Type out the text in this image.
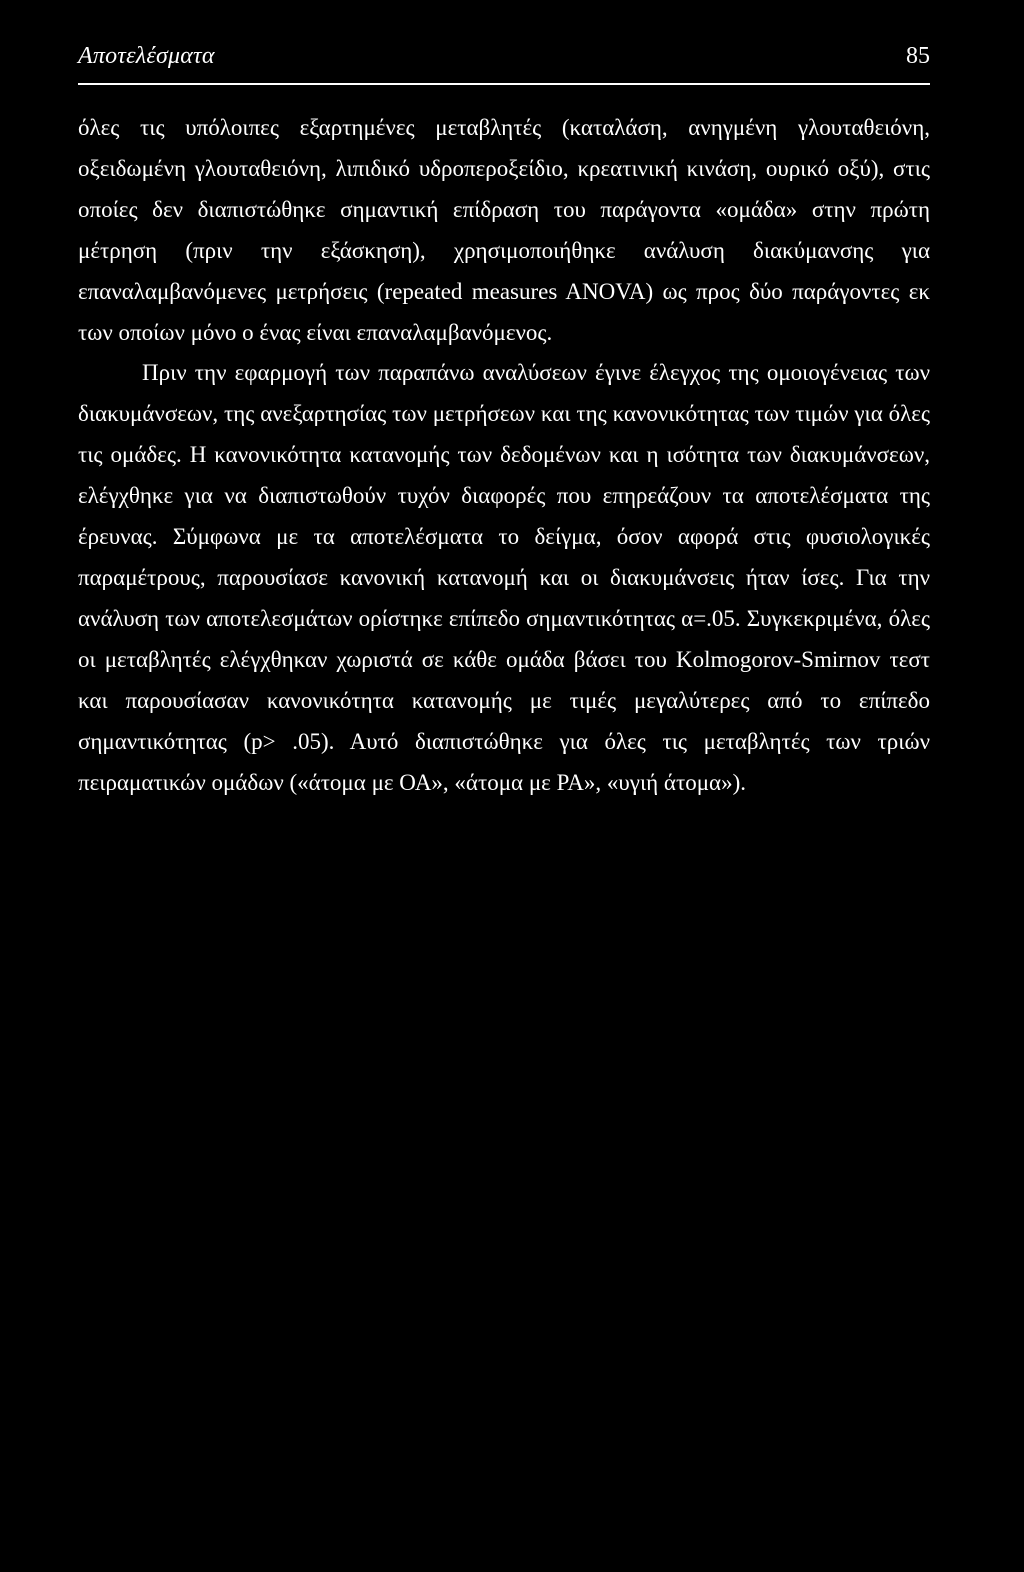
Αποτελέσματα	85

όλες τις υπόλοιπες εξαρτημένες μεταβλητές (καταλάση, ανηγμένη γλουταθειόνη, οξειδωμένη γλουταθειόνη, λιπιδικό υδροπεροξείδιο, κρεατινική κινάση, ουρικό οξύ), στις οποίες δεν διαπιστώθηκε σημαντική επίδραση του παράγοντα «ομάδα» στην πρώτη μέτρηση (πριν την εξάσκηση), χρησιμοποιήθηκε ανάλυση διακύμανσης για επαναλαμβανόμενες μετρήσεις (repeated measures ANOVA) ως προς δύο παράγοντες εκ των οποίων μόνο ο ένας είναι επαναλαμβανόμενος.

Πριν την εφαρμογή των παραπάνω αναλύσεων έγινε έλεγχος της ομοιογένειας των διακυμάνσεων, της ανεξαρτησίας των μετρήσεων και της κανονικότητας των τιμών για όλες τις ομάδες. Η κανονικότητα κατανομής των δεδομένων και η ισότητα των διακυμάνσεων, ελέγχθηκε για να διαπιστωθούν τυχόν διαφορές που επηρεάζουν τα αποτελέσματα της έρευνας. Σύμφωνα με τα αποτελέσματα το δείγμα, όσον αφορά στις φυσιολογικές παραμέτρους, παρουσίασε κανονική κατανομή και οι διακυμάνσεις ήταν ίσες. Για την ανάλυση των αποτελεσμάτων ορίστηκε επίπεδο σημαντικότητας α=.05. Συγκεκριμένα, όλες οι μεταβλητές ελέγχθηκαν χωριστά σε κάθε ομάδα βάσει του Kolmogorov-Smirnov τεστ και παρουσίασαν κανονικότητα κατανομής με τιμές μεγαλύτερες από το επίπεδο σημαντικότητας (p> .05). Αυτό διαπιστώθηκε για όλες τις μεταβλητές των τριών πειραματικών ομάδων («άτομα με ΟΑ», «άτομα με ΡΑ», «υγιή άτομα»).
